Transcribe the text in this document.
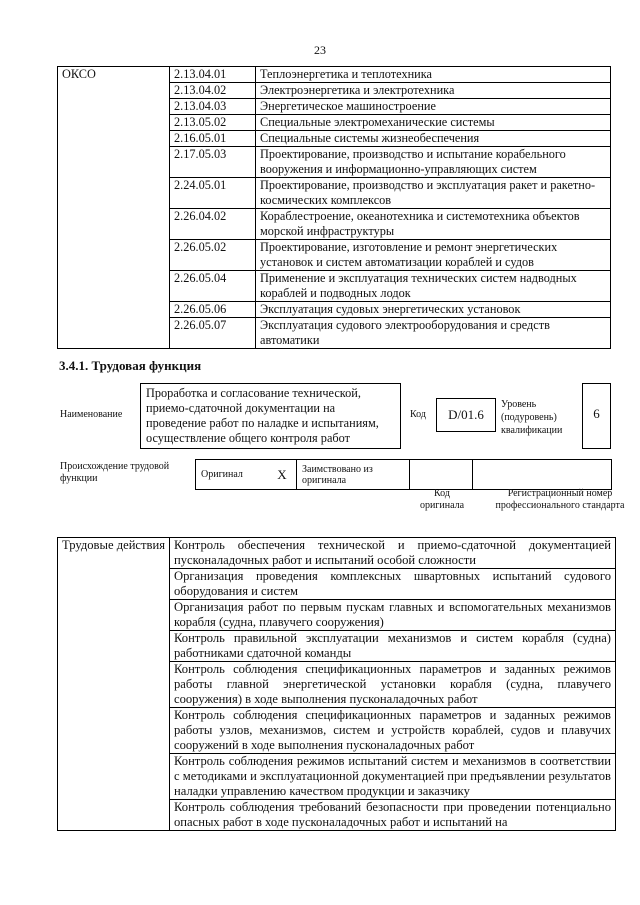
23
ОКСО	2.13.04.01	Теплоэнергетика и теплотехника
	2.13.04.02	Электроэнергетика и электротехника
	2.13.04.03	Энергетическое машиностроение
	2.13.05.02	Специальные электромеханические системы
	2.16.05.01	Специальные системы жизнеобеспечения
	2.17.05.03	Проектирование, производство и испытание корабельного вооружения и информационно-управляющих систем
	2.24.05.01	Проектирование, производство и эксплуатация ракет и ракетно-космических комплексов
	2.26.04.02	Кораблестроение, океанотехника и системотехника объектов морской инфраструктуры
	2.26.05.02	Проектирование, изготовление и ремонт энергетических установок и систем автоматизации кораблей и судов
	2.26.05.04	Применение и эксплуатация технических систем надводных кораблей и подводных лодок
	2.26.05.06	Эксплуатация судовых энергетических установок
	2.26.05.07	Эксплуатация судового электрооборудования и средств автоматики
3.4.1. Трудовая функция
Наименование
Проработка и согласование технической, приемо-сдаточной документации на проведение работ по наладке и испытаниям, осуществление общего контроля работ
Код	D/01.6
Уровень (подуровень) квалификации
6
Происхождение трудовой функции	Оригинал	X	Заимствовано из оригинала		
Код оригинала
Регистрационный номер профессионального стандарта
Трудовые действия	Контроль обеспечения технической и приемо-сдаточной документацией пусконаладочных работ и испытаний особой сложности
Организация проведения комплексных швартовных испытаний судового оборудования и систем
Организация работ по первым пускам главных и вспомогательных механизмов корабля (судна, плавучего сооружения)
Контроль правильной эксплуатации механизмов и систем корабля (судна) работниками сдаточной команды
Контроль соблюдения спецификационных параметров и заданных режимов работы главной энергетической установки корабля (судна, плавучего сооружения) в ходе выполнения пусконаладочных работ
Контроль соблюдения спецификационных параметров и заданных режимов работы узлов, механизмов, систем и устройств кораблей, судов и плавучих сооружений в ходе выполнения пусконаладочных работ
Контроль соблюдения режимов испытаний систем и механизмов в соответствии с методиками и эксплуатационной документацией при предъявлении результатов наладки управлению качеством продукции и заказчику
Контроль соблюдения требований безопасности при проведении потенциально опасных работ в ходе пусконаладочных работ и испытаний на
